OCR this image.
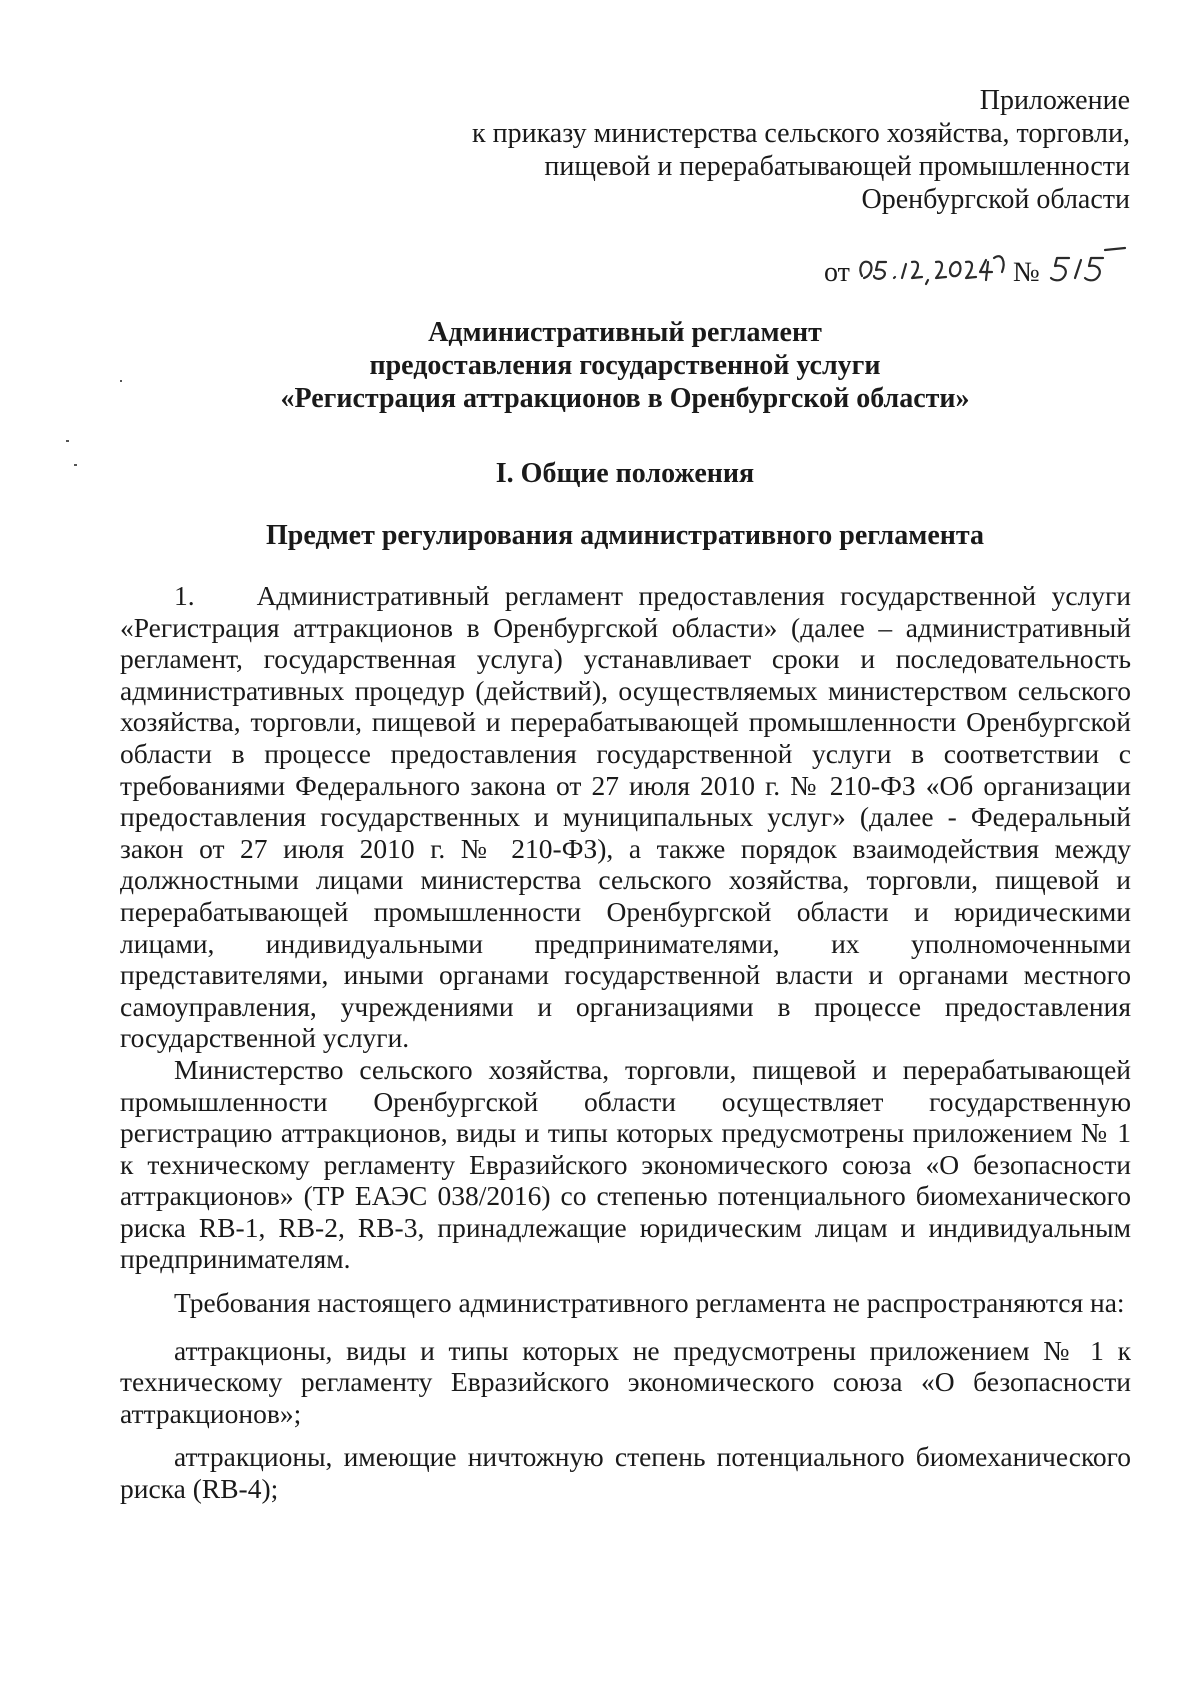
Приложение
к приказу министерства сельского хозяйства, торговли,
пищевой и перерабатывающей промышленности
Оренбургской области
от	№
Административный регламент
предоставления государственной услуги
«Регистрация аттракционов в Оренбургской области»
I. Общие положения
Предмет регулирования административного регламента

1.    Административный регламент предоставления государственной услуги «Регистрация аттракционов в Оренбургской области» (далее – административный регламент, государственная услуга) устанавливает сроки и последовательность административных процедур (действий), осуществляемых министерством сельского хозяйства, торговли, пищевой и перерабатывающей промышленности Оренбургской области в процессе предоставления государственной услуги в соответствии с требованиями Федерального закона от 27 июля 2010 г. № 210-ФЗ «Об организации предоставления государственных и муниципальных услуг» (далее - Федеральный закон от 27 июля 2010 г. № 210-ФЗ), а также порядок взаимодействия между должностными лицами министерства сельского хозяйства, торговли, пищевой и перерабатывающей промышленности Оренбургской области и юридическими лицами, индивидуальными предпринимателями, их уполномоченными представителями, иными органами государственной власти и органами местного самоуправления, учреждениями и организациями в процессе предоставления государственной услуги.

Министерство сельского хозяйства, торговли, пищевой и перерабатывающей промышленности Оренбургской области осуществляет государственную регистрацию аттракционов, виды и типы которых предусмотрены приложением № 1 к техническому регламенту Евразийского экономического союза «О безопасности аттракционов» (ТР ЕАЭС 038/2016) со степенью потенциального биомеханического риска RB-1, RB-2, RB-3, принадлежащие юридическим лицам и индивидуальным предпринимателям.

Требования настоящего административного регламента не распространяются на:

аттракционы, виды и типы которых не предусмотрены приложением № 1 к техническому регламенту Евразийского экономического союза «О безопасности аттракционов»;

аттракционы, имеющие ничтожную степень потенциального биомеханического риска (RB-4);
